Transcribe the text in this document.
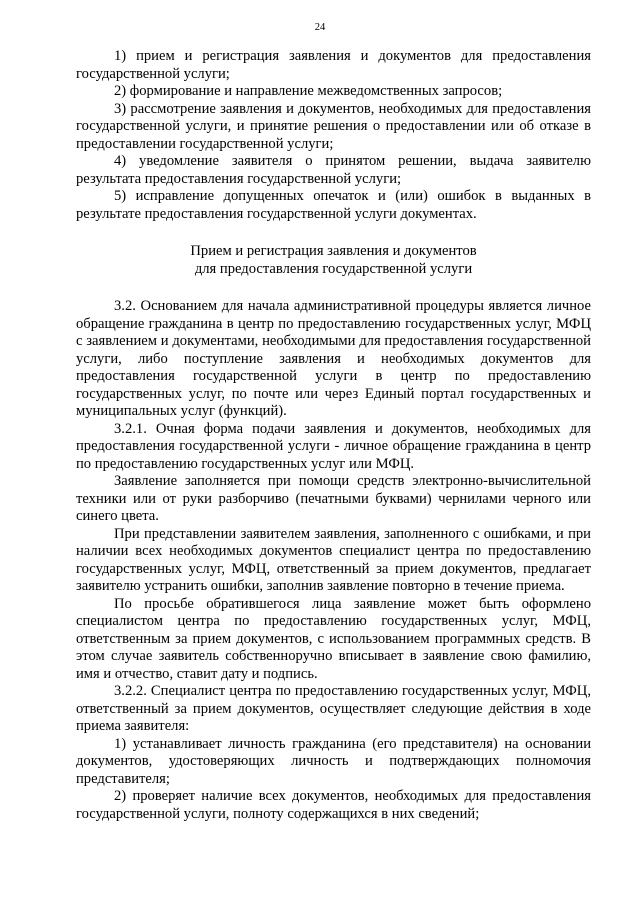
24

1) прием и регистрация заявления и документов для предоставления государственной услуги;

2) формирование и направление межведомственных запросов;

3) рассмотрение заявления и документов, необходимых для предоставления государственной услуги, и принятие решения о предоставлении или об отказе в предоставлении государственной услуги;

4) уведомление заявителя о принятом решении, выдача заявителю результата предоставления государственной услуги;

5) исправление допущенных опечаток и (или) ошибок в выданных в результате предоставления государственной услуги документах.

Прием и регистрация заявления и документов
для предоставления государственной услуги

3.2. Основанием для начала административной процедуры является личное обращение гражданина в центр по предоставлению государственных услуг, МФЦ с заявлением и документами, необходимыми для предоставления государственной услуги, либо поступление заявления и необходимых документов для предоставления государственной услуги в центр по предоставлению государственных услуг, по почте или через Единый портал государственных и муниципальных услуг (функций).

3.2.1. Очная форма подачи заявления и документов, необходимых для предоставления государственной услуги - личное обращение гражданина в центр по предоставлению государственных услуг или МФЦ.

Заявление заполняется при помощи средств электронно-вычислительной техники или от руки разборчиво (печатными буквами) чернилами черного или синего цвета.

При представлении заявителем заявления, заполненного с ошибками, и при наличии всех необходимых документов специалист центра по предоставлению государственных услуг, МФЦ, ответственный за прием документов, предлагает заявителю устранить ошибки, заполнив заявление повторно в течение приема.

По просьбе обратившегося лица заявление может быть оформлено специалистом центра по предоставлению государственных услуг, МФЦ, ответственным за прием документов, с использованием программных средств. В этом случае заявитель собственноручно вписывает в заявление свою фамилию, имя и отчество, ставит дату и подпись.

3.2.2. Специалист центра по предоставлению государственных услуг, МФЦ, ответственный за прием документов, осуществляет следующие действия в ходе приема заявителя:

1) устанавливает личность гражданина (его представителя) на основании документов, удостоверяющих личность и подтверждающих полномочия представителя;

2) проверяет наличие всех документов, необходимых для предоставления государственной услуги, полноту содержащихся в них сведений;
